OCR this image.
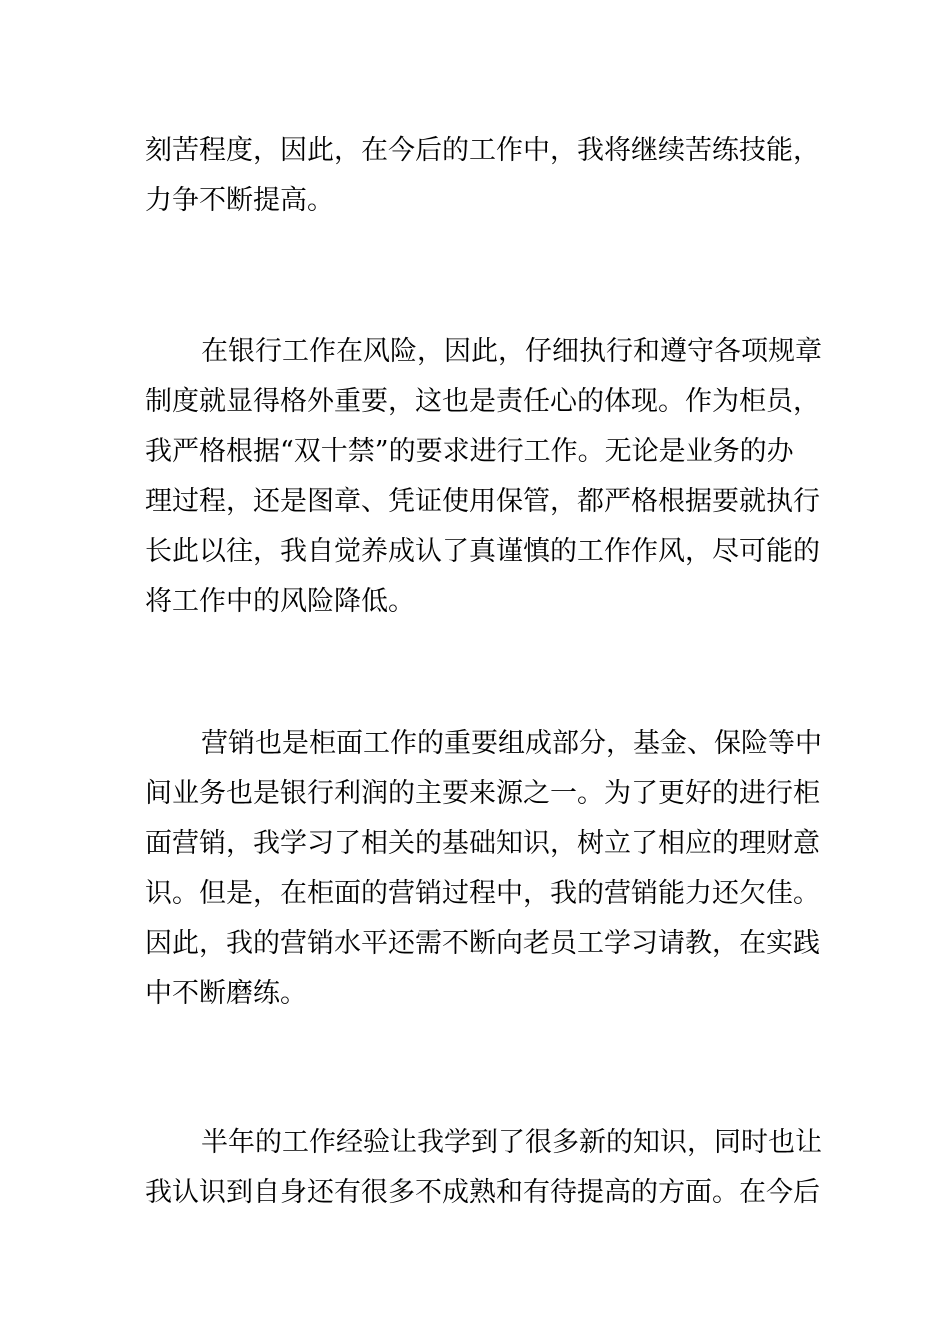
刻苦程度，因此，在今后的工作中，我将继续苦练技能，
力争不断提高。
在银行工作在风险，因此，仔细执行和遵守各项规章
制度就显得格外重要，这也是责任心的体现。作为柜员，
我严格根据“双十禁”的要求进行工作。无论是业务的办
理过程，还是图章、凭证使用保管，都严格根据要就执行
长此以往，我自觉养成认了真谨慎的工作作风，尽可能的
将工作中的风险降低。
营销也是柜面工作的重要组成部分，基金、保险等中
间业务也是银行利润的主要来源之一。为了更好的进行柜
面营销，我学习了相关的基础知识，树立了相应的理财意
识。但是，在柜面的营销过程中，我的营销能力还欠佳。
因此，我的营销水平还需不断向老员工学习请教，在实践
中不断磨练。
半年的工作经验让我学到了很多新的知识，同时也让
我认识到自身还有很多不成熟和有待提高的方面。在今后
